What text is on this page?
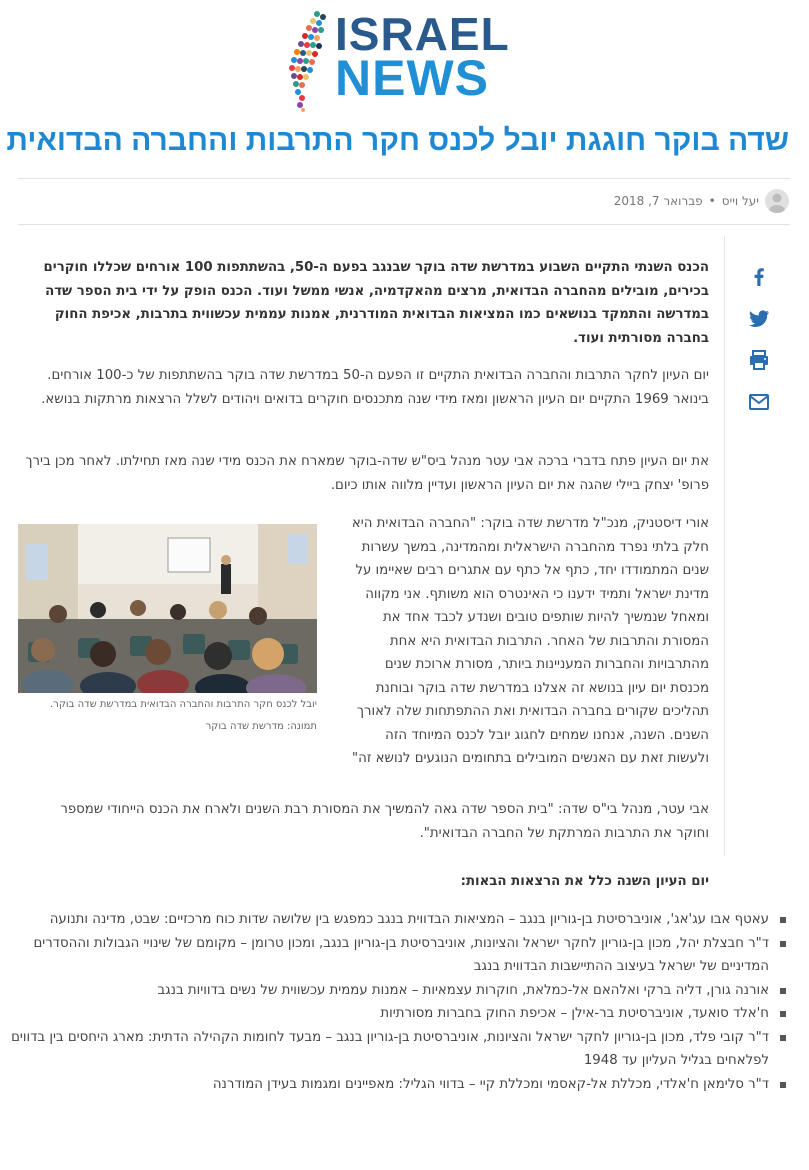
ISRAEL
NEWS
שדה בוקר חוגגת יובל לכנס חקר התרבות והחברה הבדואית
יעל וייס
•
פברואר 7, 2018

הכנס השנתי התקיים השבוע במדרשת שדה בוקר שבנגב בפעם ה-50, בהשתתפות 100 אורחים שכללו חוקרים בכירים, מובילים מהחברה הבדואית, מרצים מהאקדמיה, אנשי ממשל ועוד. הכנס הופק על ידי בית הספר שדה במדרשה והתמקד בנושאים כמו המציאות הבדואית המודרנית, אמנות עממית עכשווית בתרבות, אכיפת החוק בחברה מסורתית ועוד.

יום העיון לחקר התרבות והחברה הבדואית התקיים זו הפעם ה-50 במדרשת שדה בוקר בהשתתפות של כ-100 אורחים. בינואר 1969 התקיים יום העיון הראשון ומאז מידי שנה מתכנסים חוקרים בדואים ויהודים לשלל הרצאות מרתקות בנושא.

את יום העיון פתח בדברי ברכה אבי עטר מנהל ביס"ש שדה-בוקר שמארח את הכנס מידי שנה מאז תחילתו. לאחר מכן בירך פרופ' יצחק ביילי שהגה את יום העיון הראשון ועדיין מלווה אותו כיום.

יובל לכנס חקר התרבות והחברה הבדואית במדרשת שדה בוקר. תמונה: מדרשת שדה בוקר

אורי דיסטניק, מנכ"ל מדרשת שדה בוקר: "החברה הבדואית היא חלק בלתי נפרד מהחברה הישראלית ומהמדינה, במשך עשרות שנים המתמודדו יחד, כתף אל כתף עם אתגרים רבים שאיימו על מדינת ישראל ותמיד ידענו כי האינטרס הוא משותף. אני מקווה ומאחל שנמשיך להיות שותפים טובים ושנדע לכבד אחד את המסורת והתרבות של האחר. התרבות הבדואית היא אחת מהתרבויות והחברות המעניינות ביותר, מסורת ארוכת שנים מכנסת יום עיון בנושא זה אצלנו במדרשת שדה בוקר ובוחנת תהליכים שקורים בחברה הבדואית ואת ההתפתחות שלה לאורך השנים. השנה, אנחנו שמחים לחגוג יובל לכנס המיוחד הזה ולעשות זאת עם האנשים המובילים בתחומים הנוגעים לנושא זה"

אבי עטר, מנהל בי"ס שדה: "בית הספר שדה גאה להמשיך את המסורת רבת השנים ולארח את הכנס הייחודי שמספר וחוקר את התרבות המרתקת של החברה הבדואית".

יום העיון השנה כלל את הרצאות הבאות:

עאטף אבו עג'אג', אוניברסיטת בן-גוריון בנגב – המציאות הבדווית בנגב כמפגש בין שלושה שדות כוח מרכזיים: שבט, מדינה ותנועה
ד"ר חבצלת יהל, מכון בן-גוריון לחקר ישראל והציונות, אוניברסיטת בן-גוריון בנגב, ומכון טרומן – מקומם של שינויי הגבולות וההסדרים המדיניים של ישראל בעיצוב ההתיישבות הבדווית בנגב
אורנה גורן, דליה ברקי ואלהאם אל-כמלאת, חוקרות עצמאיות – אמנות עממית עכשווית של נשים בדוויות בנגב
ח'אלד סואעד, אוניברסיטת בר-אילן – אכיפת החוק בחברות מסורתיות
ד"ר קובי פלד, מכון בן-גוריון לחקר ישראל והציונות, אוניברסיטת בן-גוריון בנגב – מבעד לחומות הקהילה הדתית: מארג היחסים בין בדווים לפלאחים בגליל העליון עד 1948
ד"ר סלימאן ח'אלדי, מכללת אל-קאסמי ומכללת קיי – בדווי הגליל: מאפיינים ומגמות בעידן המודרנה
